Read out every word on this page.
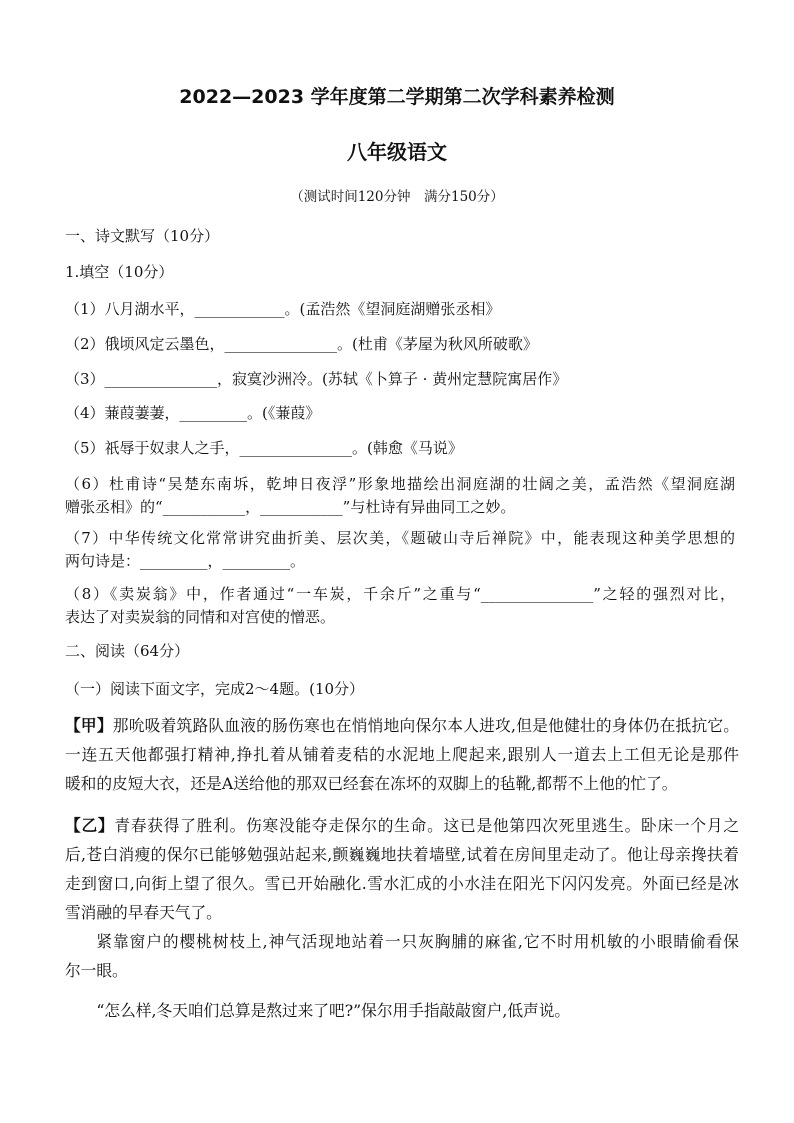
2022—2023 学年度第二学期第二次学科素养检测
八年级语文
（测试时间120分钟　满分150分）
一、诗文默写（10分）
1.填空（10分）
（1）八月湖水平，____________。(孟浩然《望洞庭湖赠张丞相》
（2）俄顷风定云墨色，_______________。(杜甫《茅屋为秋风所破歌》
（3）_______________，寂寞沙洲冷。(苏轼《卜算子 · 黄州定慧院寓居作》
（4）蒹葭萋萋，_________。(《蒹葭》
（5）祇辱于奴隶人之手，_______________。(韩愈《马说》
（6）杜甫诗“吴楚东南坼，乾坤日夜浮”形象地描绘出洞庭湖的壮阔之美，孟浩然《望洞庭湖
赠张丞相》的“___________，___________”与杜诗有异曲同工之妙。
（7）中华传统文化常常讲究曲折美、层次美，《题破山寺后禅院》中，能表现这种美学思想的
两句诗是：_________，_________。
（8）《卖炭翁》中，作者通过“一车炭，千余斤”之重与“_______________”之轻的强烈对比，
表达了对卖炭翁的同情和对宫使的憎恶。
二、阅读（64分）
（一）阅读下面文字，完成2～4题。(10分）
【甲】那吮吸着筑路队血液的肠伤寒也在悄悄地向保尔本人进攻,但是他健壮的身体仍在抵抗它。
一连五天他都强打精神,挣扎着从铺着麦秸的水泥地上爬起来,跟别人一道去上工但无论是那件
暖和的皮短大衣，还是A送给他的那双已经套在冻坏的双脚上的毡靴,都帮不上他的忙了。
【乙】青春获得了胜利。伤寒没能夺走保尔的生命。这已是他第四次死里逃生。卧床一个月之
后,苍白消瘦的保尔已能够勉强站起来,颤巍巍地扶着墙壁,试着在房间里走动了。他让母亲搀扶着
走到窗口,向街上望了很久。雪已开始融化.雪水汇成的小水洼在阳光下闪闪发亮。外面已经是冰
雪消融的早春天气了。
紧靠窗户的樱桃树枝上,神气活现地站着一只灰胸脯的麻雀,它不时用机敏的小眼睛偷看保
尔一眼。
“怎么样,冬天咱们总算是熬过来了吧?”保尔用手指敲敲窗户,低声说。
